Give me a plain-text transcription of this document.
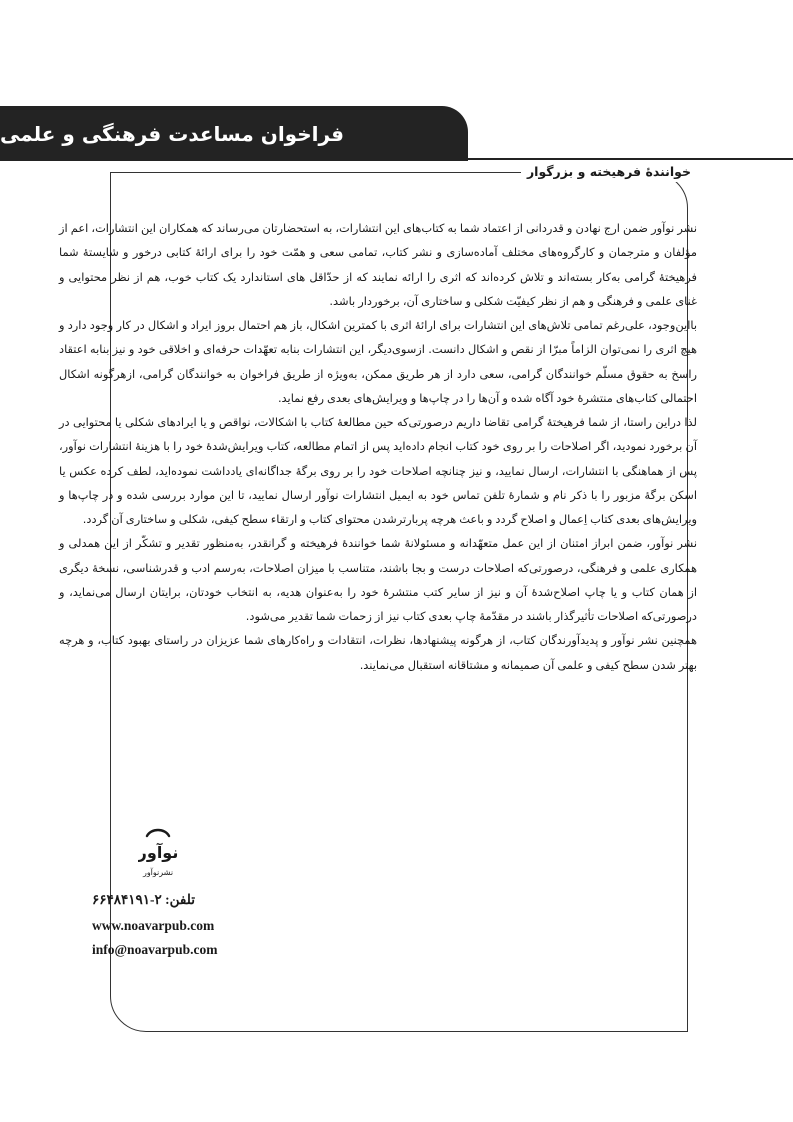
فراخوان مساعدت فرهنگی و علمی
خوانندۀ فرهیخته و بزرگوار

نشر نوآور ضمن ارج نهادن و قدردانی از اعتماد شما به کتاب‌های این انتشارات، به استحضارتان می‌رساند که همکاران این انتشارات، اعم از مؤلفان و مترجمان و کارگروه‌های مختلف آماده‌سازی و نشر کتاب، تمامی سعی و همّت خود را برای ارائۀ کتابی درخور و شایستۀ شما فرهیختۀ گرامی به‌کار بسته‌اند و تلاش کرده‌اند که اثری را ارائه نمایند که از حدّاقل های استاندارد یک کتاب خوب، هم از نظر محتوایی و غنای علمی و فرهنگی و هم از نظر کیفیّت شکلی و ساختاری آن، برخوردار باشد.

بااین‌وجود، علی‌رغم تمامی تلاش‌های این انتشارات برای ارائۀ اثری با کمترین اشکال، باز هم احتمال بروز ایراد و اشکال در کار وجود دارد و هیچ اثری را نمی‌توان الزاماً مبرّا از نقص و اشکال دانست. ازسوی‌دیگر، این انتشارات بنابه تعهّدات حرفه‌ای و اخلاقی خود و نیز بنابه اعتقاد راسخ به حقوق مسلّم خوانندگان گرامی، سعی دارد از هر طریق ممکن، به‌ویژه از طریق فراخوان به خوانندگان گرامی، ازهرگونه اشکال احتمالی کتاب‌های منتشرۀ خود آگاه شده و آن‌ها را در چاپ‌ها و ویرایش‌های بعدی رفع نماید.

لذا دراین راستا، از شما فرهیختۀ گرامی تقاضا داریم درصورتی‌که حین مطالعۀ کتاب با اشکالات، نواقص و یا ایرادهای شکلی یا محتوایی در آن برخورد نمودید، اگر اصلاحات را بر روی خود کتاب انجام داده‌اید پس از اتمام مطالعه، کتاب ویرایش‌شدۀ خود را با هزینۀ انتشارات نوآور، پس از هماهنگی با انتشارات، ارسال نمایید، و نیز چنانچه اصلاحات خود را بر روی برگۀ جداگانه‌ای یادداشت نموده‌اید، لطف کرده عکس یا اسکن برگۀ مزبور را با ذکر نام و شمارۀ تلفن تماس خود به ایمیل انتشارات نوآور ارسال نمایید، تا این موارد بررسی شده و در چاپ‌ها و ویرایش‌های بعدی کتاب اِعمال و اصلاح گردد و باعث هرچه پربارترشدن محتوای کتاب و ارتقاء سطح کیفی، شکلی و ساختاری آن گردد.

نشر نوآور، ضمن ابراز امتنان از این عمل متعهّدانه و مسئولانۀ شما خوانندۀ فرهیخته و گرانقدر، به‌منظور تقدیر و تشکّر از این همدلی و همکاری علمی و فرهنگی، درصورتی‌که اصلاحات درست و بجا باشند، متناسب با میزان اصلاحات، به‌رسم ادب و قدرشناسی، نسخۀ دیگری از همان کتاب و یا چاپ اصلاح‌شدۀ آن و نیز از سایر کتب منتشرۀ خود را به‌عنوان هدیه، به انتخاب خودتان، برایتان ارسال می‌نماید، و درصورتی‌که اصلاحات تأثیرگذار باشند در مقدّمۀ چاپ بعدی کتاب نیز از زحمات شما تقدیر می‌شود.

همچنین نشر نوآور و پدیدآورندگان کتاب، از هرگونه پیشنهادها، نظرات، انتقادات و راه‌کارهای شما عزیزان در راستای بهبود کتاب، و هرچه بهتر شدن سطح کیفی و علمی آن صمیمانه و مشتاقانه استقبال می‌نمایند.

نوآور
نشرنوآور
تلفن: ۲-۶۶۴۸۴۱۹۱
www.noavarpub.com
info@noavarpub.com
